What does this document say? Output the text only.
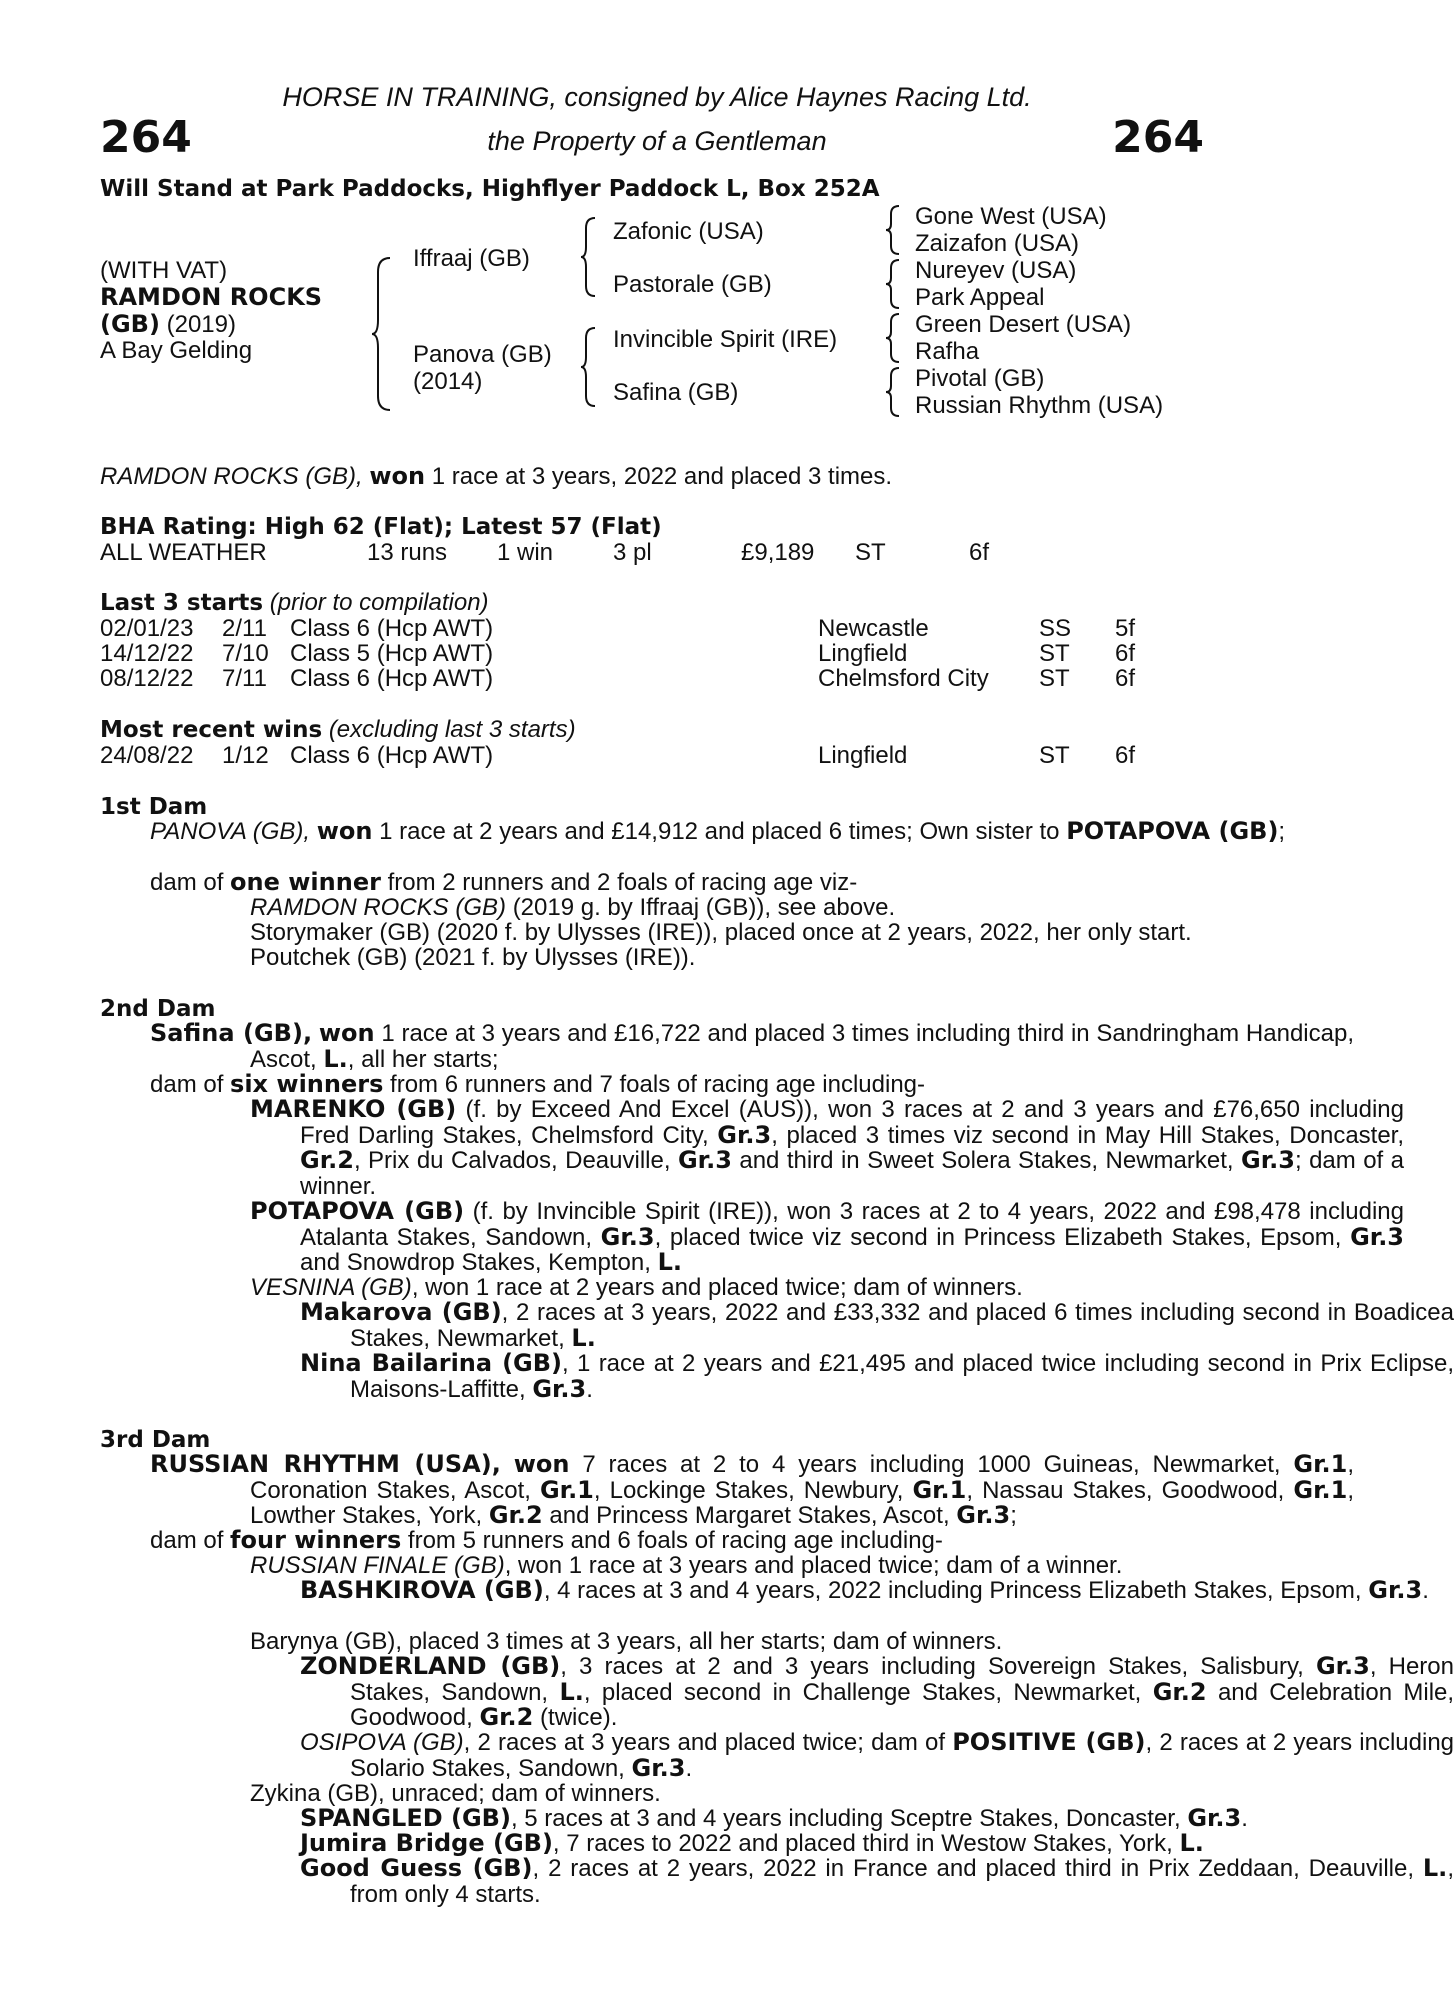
264	264
HORSE IN TRAINING, consigned by Alice Haynes Racing Ltd.
the Property of a Gentleman
Will Stand at Park Paddocks, Highflyer Paddock L, Box 252A
(WITH VAT)
RAMDON ROCKS
(GB) (2019)
A Bay Gelding
Iffraaj (GB)
Panova (GB)
(2014)
Zafonic (USA)
Pastorale (GB)
Invincible Spirit (IRE)
Safina (GB)
Gone West (USA)
Zaizafon (USA)
Nureyev (USA)
Park Appeal
Green Desert (USA)
Rafha
Pivotal (GB)
Russian Rhythm (USA)
RAMDON ROCKS (GB), won 1 race at 3 years, 2022 and placed 3 times.
BHA Rating: High 62 (Flat); Latest 57 (Flat)
ALL WEATHER	13 runs 1 win 3 pl	£9,189 ST	6f
Last 3 starts (prior to compilation)
02/01/23 2/11 Class 6 (Hcp AWT)	Newcastle	SS 5f
14/12/22 7/10 Class 5 (Hcp AWT)	Lingfield	ST 6f
08/12/22 7/11 Class 6 (Hcp AWT)	Chelmsford City ST 6f
Most recent wins (excluding last 3 starts)
24/08/22 1/12 Class 6 (Hcp AWT)	Lingfield	ST 6f
1st Dam

PANOVA (GB), won 1 race at 2 years and £14,912 and placed 6 times; Own sister to POTAPOVA (GB);

dam of one winner from 2 runners and 2 foals of racing age viz-

RAMDON ROCKS (GB) (2019 g. by Iffraaj (GB)), see above.

Storymaker (GB) (2020 f. by Ulysses (IRE)), placed once at 2 years, 2022, her only start.

Poutchek (GB) (2021 f. by Ulysses (IRE)).

2nd Dam

Safina (GB), won 1 race at 3 years and £16,722 and placed 3 times including third in Sandringham Handicap, Ascot, L., all her starts;

dam of six winners from 6 runners and 7 foals of racing age including-

MARENKO (GB) (f. by Exceed And Excel (AUS)), won 3 races at 2 and 3 years and £76,650 including Fred Darling Stakes, Chelmsford City, Gr.3, placed 3 times viz second in May Hill Stakes, Doncaster, Gr.2, Prix du Calvados, Deauville, Gr.3 and third in Sweet Solera Stakes, Newmarket, Gr.3; dam of a winner.

POTAPOVA (GB) (f. by Invincible Spirit (IRE)), won 3 races at 2 to 4 years, 2022 and £98,478 including Atalanta Stakes, Sandown, Gr.3, placed twice viz second in Princess Elizabeth Stakes, Epsom, Gr.3 and Snowdrop Stakes, Kempton, L.

VESNINA (GB), won 1 race at 2 years and placed twice; dam of winners.

Makarova (GB), 2 races at 3 years, 2022 and £33,332 and placed 6 times including second in Boadicea Stakes, Newmarket, L.

Nina Bailarina (GB), 1 race at 2 years and £21,495 and placed twice including second in Prix Eclipse, Maisons-Laffitte, Gr.3.

3rd Dam

RUSSIAN RHYTHM (USA), won 7 races at 2 to 4 years including 1000 Guineas, Newmarket, Gr.1, Coronation Stakes, Ascot, Gr.1, Lockinge Stakes, Newbury, Gr.1, Nassau Stakes, Goodwood, Gr.1, Lowther Stakes, York, Gr.2 and Princess Margaret Stakes, Ascot, Gr.3;

dam of four winners from 5 runners and 6 foals of racing age including-

RUSSIAN FINALE (GB), won 1 race at 3 years and placed twice; dam of a winner.

BASHKIROVA (GB), 4 races at 3 and 4 years, 2022 including Princess Elizabeth Stakes, Epsom, Gr.3.

Barynya (GB), placed 3 times at 3 years, all her starts; dam of winners.

ZONDERLAND (GB), 3 races at 2 and 3 years including Sovereign Stakes, Salisbury, Gr.3, Heron Stakes, Sandown, L., placed second in Challenge Stakes, Newmarket, Gr.2 and Celebration Mile, Goodwood, Gr.2 (twice).

OSIPOVA (GB), 2 races at 3 years and placed twice; dam of POSITIVE (GB), 2 races at 2 years including Solario Stakes, Sandown, Gr.3.

Zykina (GB), unraced; dam of winners.

SPANGLED (GB), 5 races at 3 and 4 years including Sceptre Stakes, Doncaster, Gr.3.

Jumira Bridge (GB), 7 races to 2022 and placed third in Westow Stakes, York, L.

Good Guess (GB), 2 races at 2 years, 2022 in France and placed third in Prix Zeddaan, Deauville, L., from only 4 starts.
